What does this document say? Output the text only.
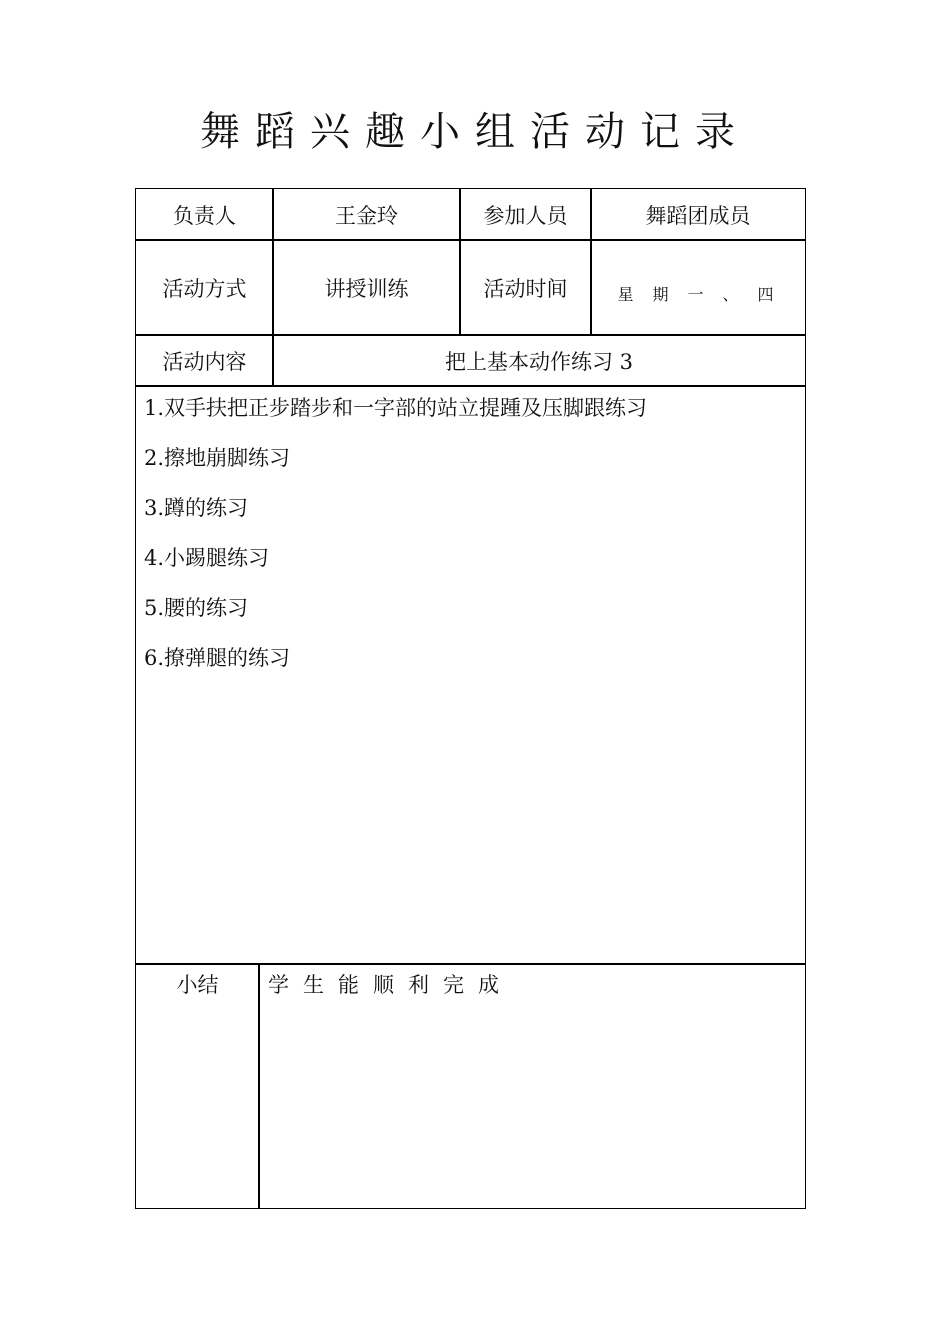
舞蹈兴趣小组活动记录
负责人	王金玲	参加人员	舞蹈团成员
活动方式	讲授训练	活动时间	星期一、四
活动内容	把上基本动作练习 3
1.双手扶把正步踏步和一字部的站立提踵及压脚跟练习
2.擦地崩脚练习
3.蹲的练习
4.小踢腿练习
5.腰的练习
6.撩弹腿的练习
小结	学生能顺利完成
